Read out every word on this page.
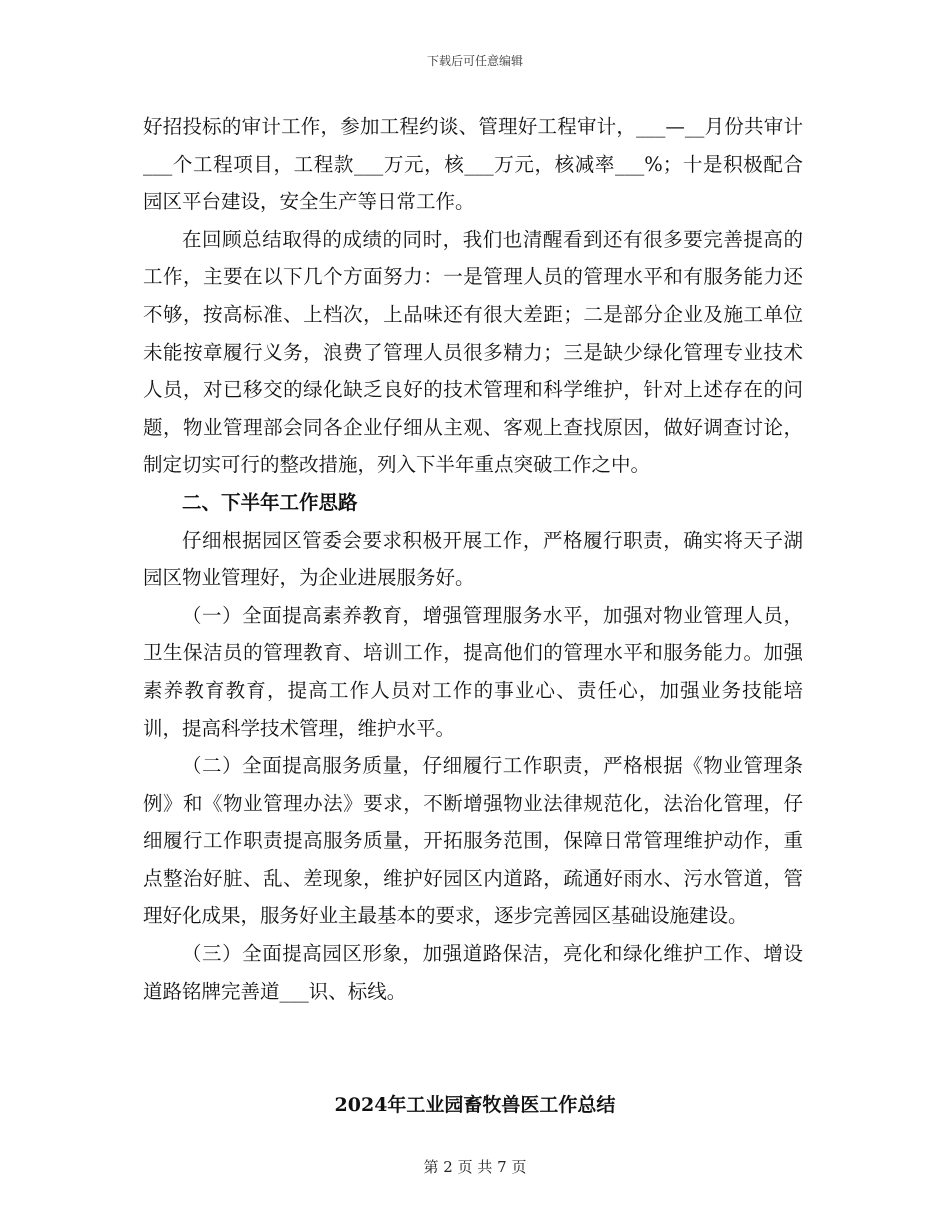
下载后可任意编辑

好招投标的审计工作，参加工程约谈、管理好工程审计，___—__月份共审计___个工程项目，工程款___万元，核___万元，核减率___%；十是积极配合园区平台建设，安全生产等日常工作。

在回顾总结取得的成绩的同时，我们也清醒看到还有很多要完善提高的工作，主要在以下几个方面努力：一是管理人员的管理水平和有服务能力还不够，按高标准、上档次，上品味还有很大差距；二是部分企业及施工单位未能按章履行义务，浪费了管理人员很多精力；三是缺少绿化管理专业技术人员，对已移交的绿化缺乏良好的技术管理和科学维护，针对上述存在的问题，物业管理部会同各企业仔细从主观、客观上查找原因，做好调查讨论，制定切实可行的整改措施，列入下半年重点突破工作之中。

二、下半年工作思路

仔细根据园区管委会要求积极开展工作，严格履行职责，确实将天子湖园区物业管理好，为企业进展服务好。

（一）全面提高素养教育，增强管理服务水平，加强对物业管理人员，卫生保洁员的管理教育、培训工作，提高他们的管理水平和服务能力。加强素养教育教育，提高工作人员对工作的事业心、责任心，加强业务技能培训，提高科学技术管理，维护水平。

（二）全面提高服务质量，仔细履行工作职责，严格根据《物业管理条例》和《物业管理办法》要求，不断增强物业法律规范化，法治化管理，仔细履行工作职责提高服务质量，开拓服务范围，保障日常管理维护动作，重点整治好脏、乱、差现象，维护好园区内道路，疏通好雨水、污水管道，管理好化成果，服务好业主最基本的要求，逐步完善园区基础设施建设。

（三）全面提高园区形象，加强道路保洁，亮化和绿化维护工作、增设道路铭牌完善道___识、标线。

2024年工业园畜牧兽医工作总结
第 2 页 共 7 页
